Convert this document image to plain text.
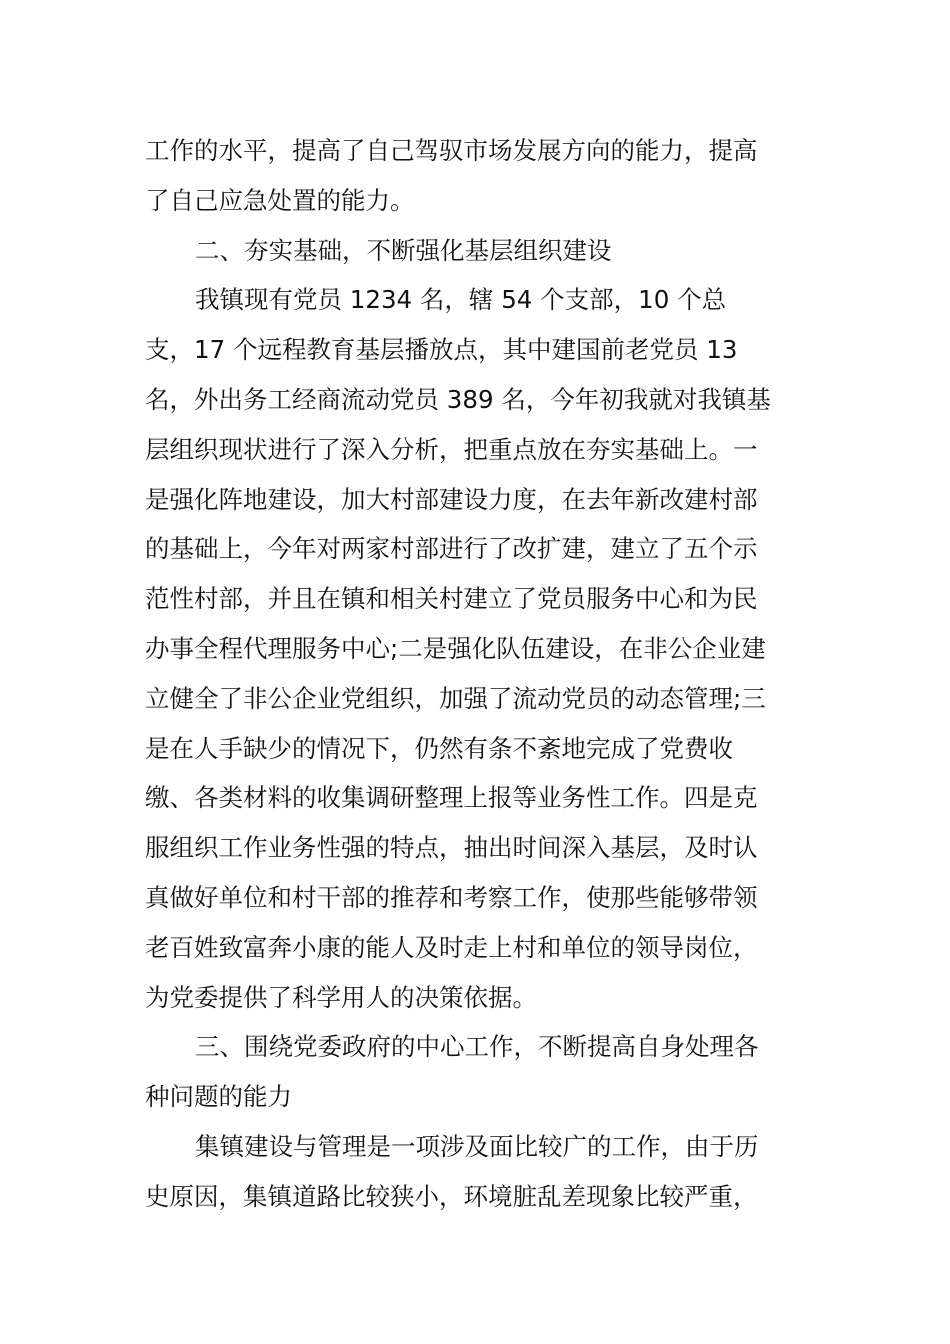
工作的水平，提高了自己驾驭市场发展方向的能力，提高
了自己应急处置的能力。
二、夯实基础，不断强化基层组织建设
我镇现有党员 1234 名，辖 54 个支部，10 个总
支，17 个远程教育基层播放点，其中建国前老党员 13
名，外出务工经商流动党员 389 名，今年初我就对我镇基
层组织现状进行了深入分析，把重点放在夯实基础上。一
是强化阵地建设，加大村部建设力度，在去年新改建村部
的基础上，今年对两家村部进行了改扩建，建立了五个示
范性村部，并且在镇和相关村建立了党员服务中心和为民
办事全程代理服务中心;二是强化队伍建设，在非公企业建
立健全了非公企业党组织，加强了流动党员的动态管理;三
是在人手缺少的情况下，仍然有条不紊地完成了党费收
缴、各类材料的收集调研整理上报等业务性工作。四是克
服组织工作业务性强的特点，抽出时间深入基层，及时认
真做好单位和村干部的推荐和考察工作，使那些能够带领
老百姓致富奔小康的能人及时走上村和单位的领导岗位，
为党委提供了科学用人的决策依据。
三、围绕党委政府的中心工作，不断提高自身处理各
种问题的能力
集镇建设与管理是一项涉及面比较广的工作，由于历
史原因，集镇道路比较狭小，环境脏乱差现象比较严重，
